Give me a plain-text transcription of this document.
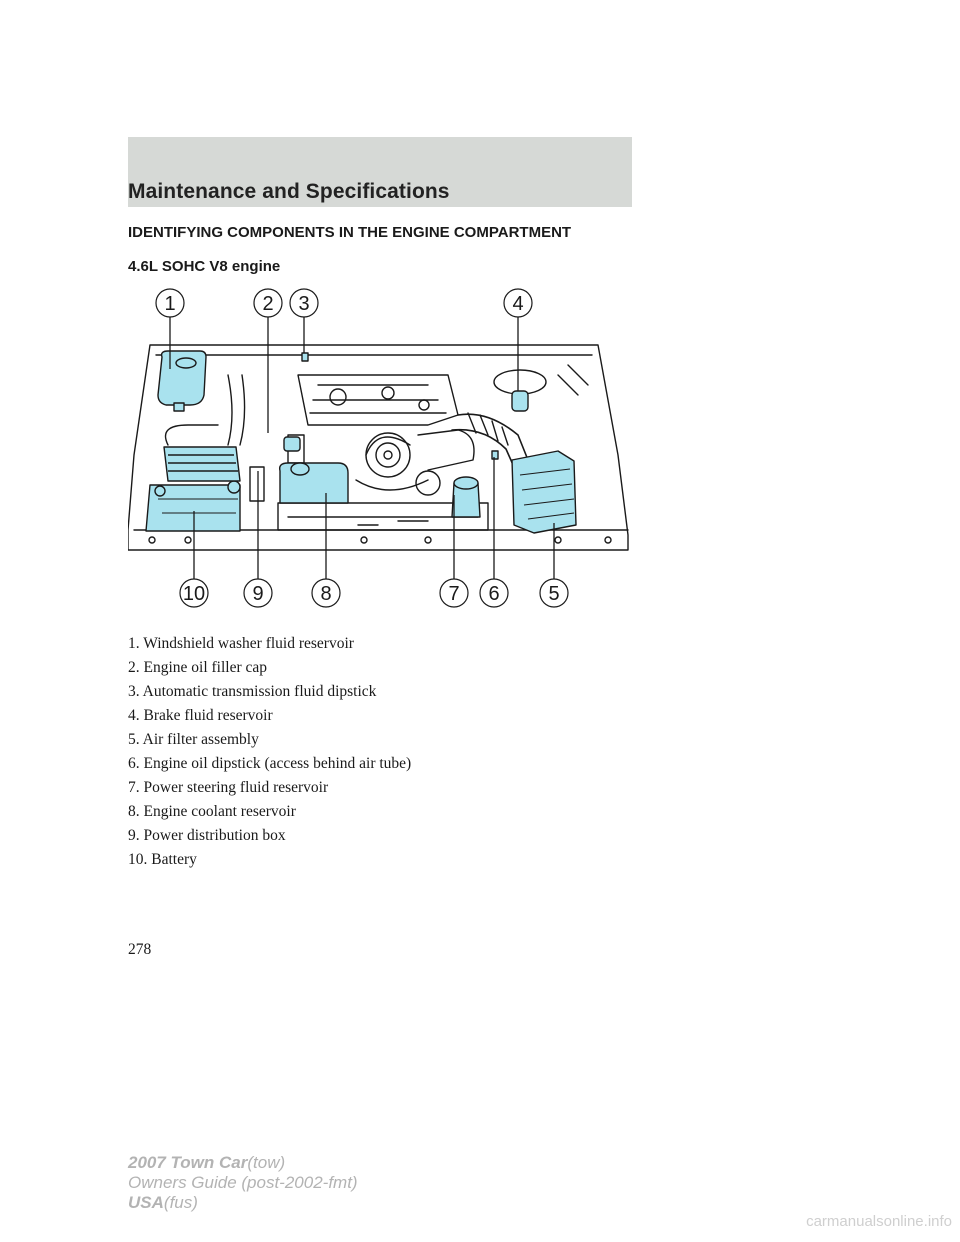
Maintenance and Specifications
IDENTIFYING COMPONENTS IN THE ENGINE COMPARTMENT
4.6L SOHC V8 engine
1	2 3	4
5
6
7
8
9
10
1. Windshield washer fluid reservoir
2. Engine oil filler cap
3. Automatic transmission fluid dipstick
4. Brake fluid reservoir
5. Air filter assembly
6. Engine oil dipstick (access behind air tube)
7. Power steering fluid reservoir
8. Engine coolant reservoir
9. Power distribution box
10. Battery
278
2007 Town Car(tow)
Owners Guide (post-2002-fmt)
USA(fus)
carmanualsonline.info
